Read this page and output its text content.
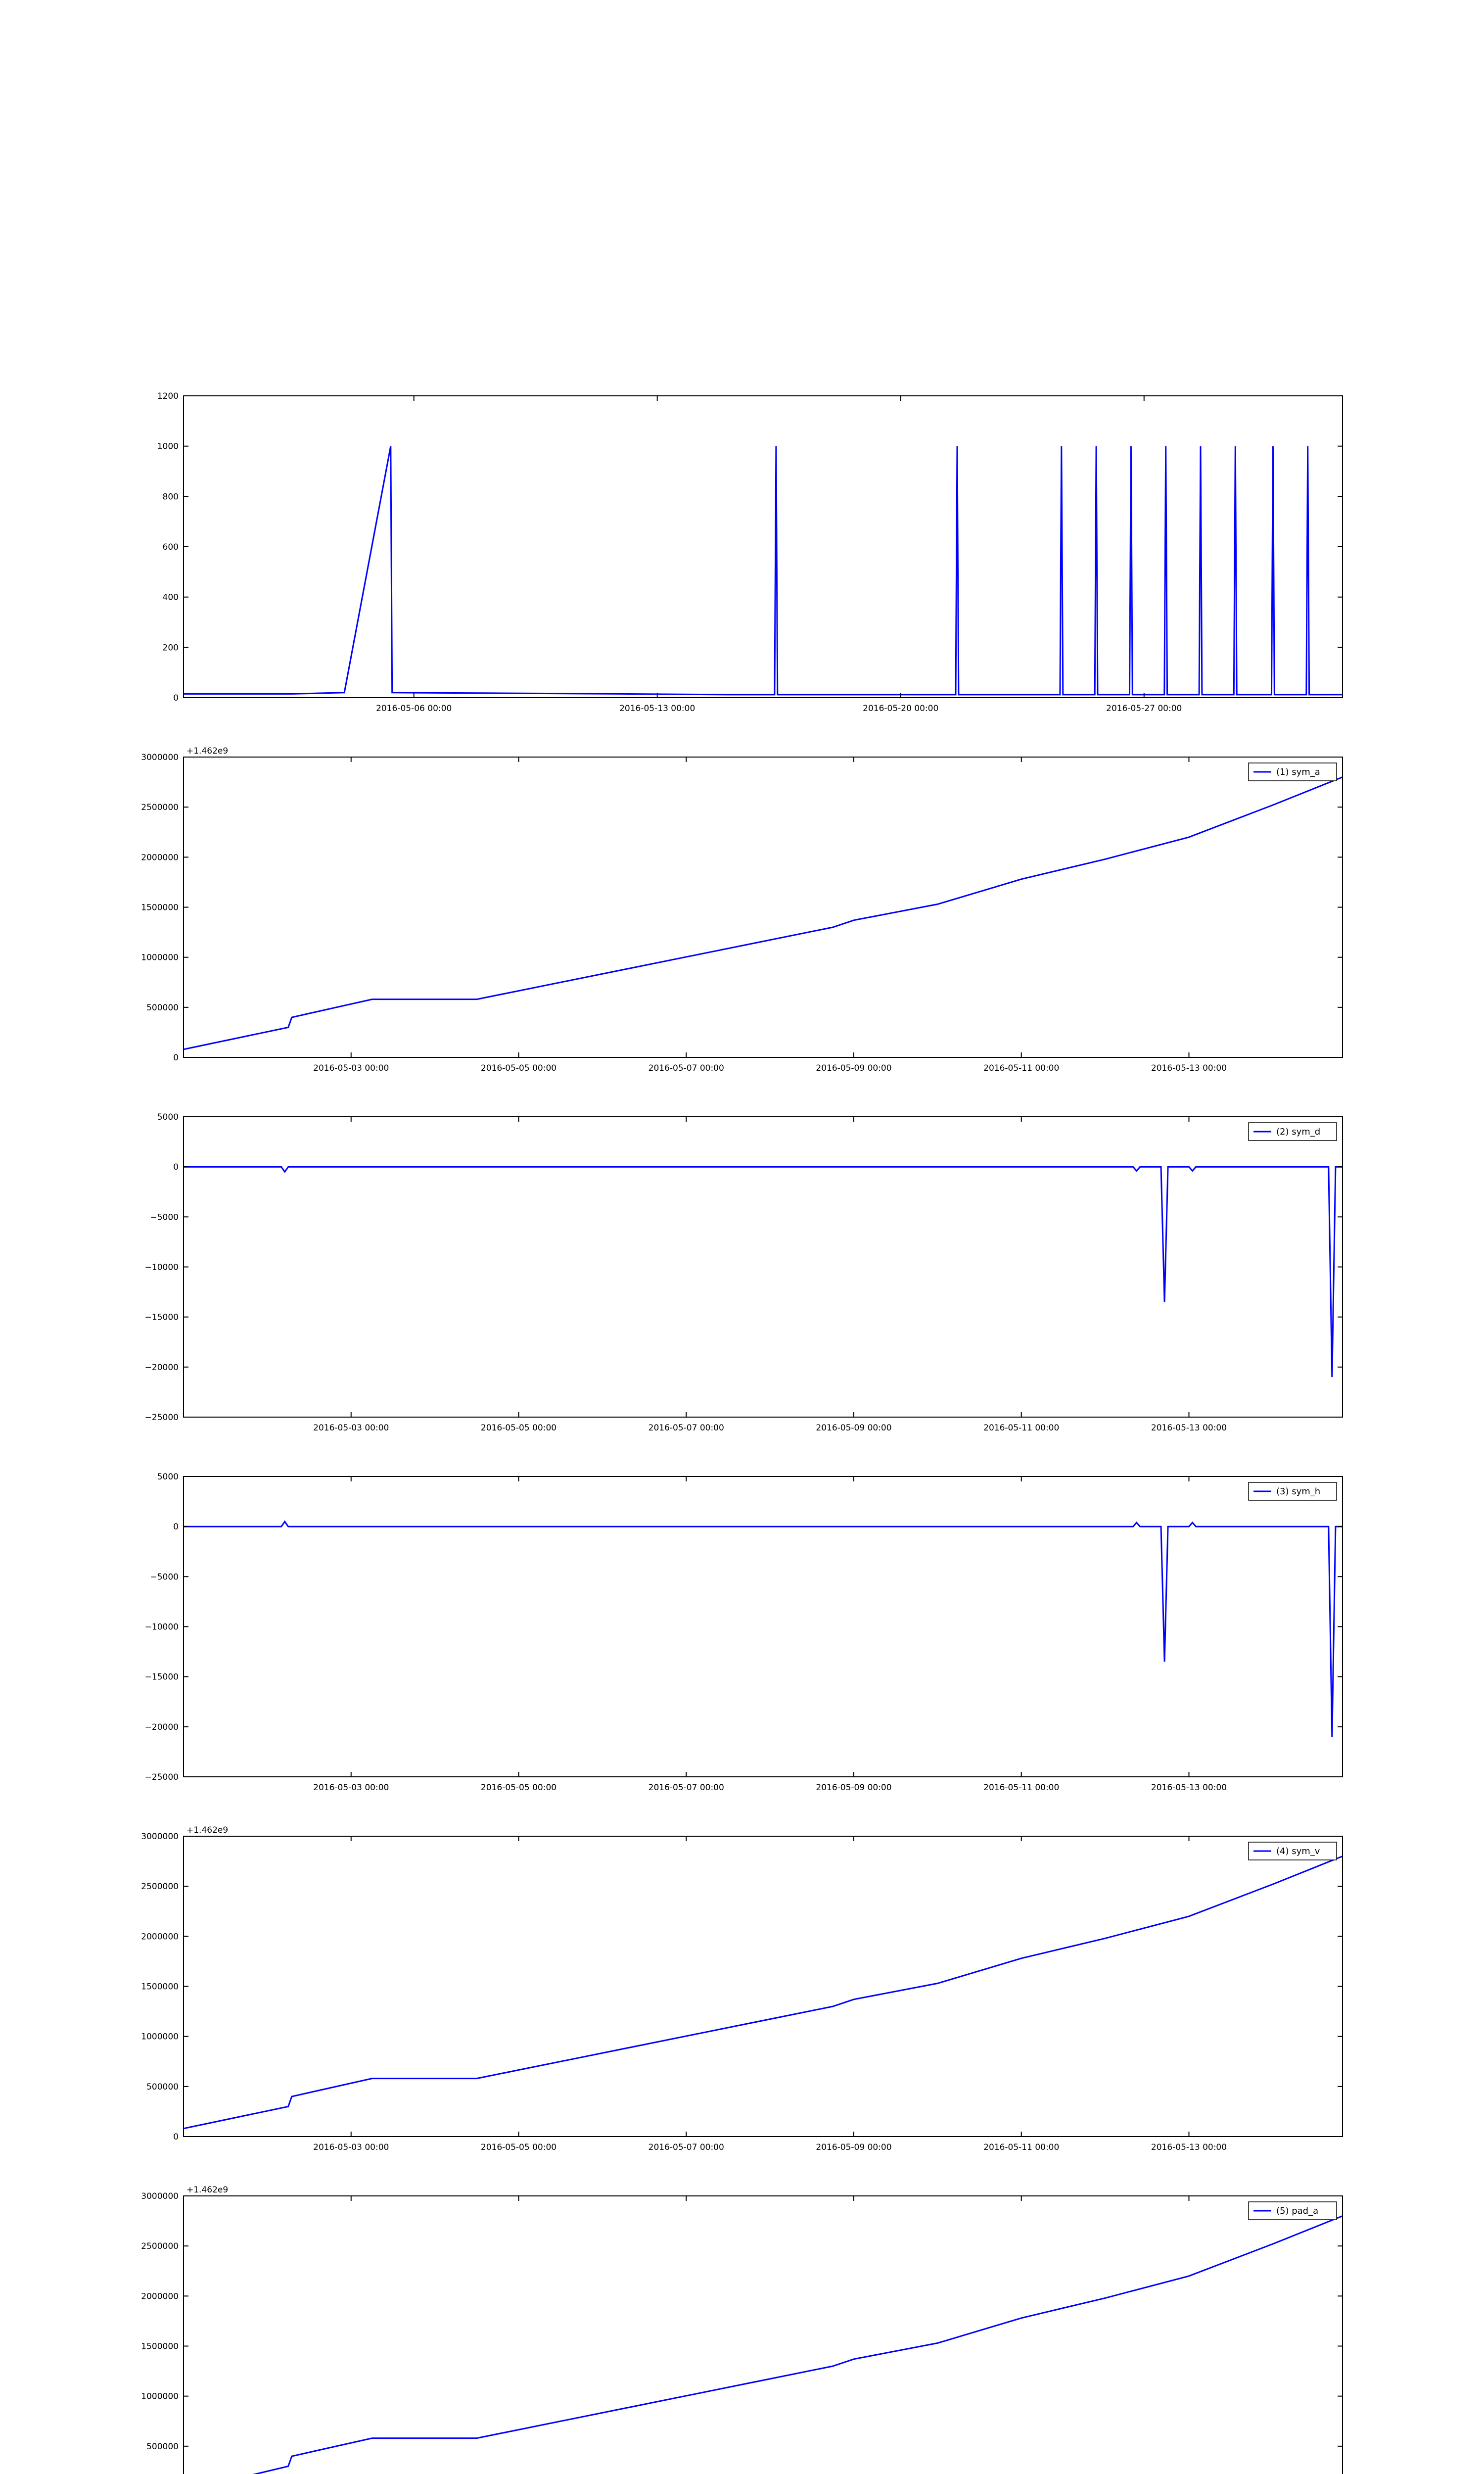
0
200
400
600
800
1000
1200
2016-05-06 00:00	2016-05-13 00:00	2016-05-20 00:00	2016-05-27 00:00
0
500000
1000000
1500000
2000000
2500000
3000000
2016-05-03 00:00	2016-05-05 00:00	2016-05-07 00:00	2016-05-09 00:00	2016-05-11 00:00	2016-05-13 00:00
+1.462e9
(1) sym_a
−25000
−20000
−15000
−10000
−5000
0
5000
2016-05-03 00:00	2016-05-05 00:00	2016-05-07 00:00	2016-05-09 00:00	2016-05-11 00:00	2016-05-13 00:00
(2) sym_d
−25000
−20000
−15000
−10000
−5000
0
5000
2016-05-03 00:00	2016-05-05 00:00	2016-05-07 00:00	2016-05-09 00:00	2016-05-11 00:00	2016-05-13 00:00
(3) sym_h
0
500000
1000000
1500000
2000000
2500000
3000000
2016-05-03 00:00	2016-05-05 00:00	2016-05-07 00:00	2016-05-09 00:00	2016-05-11 00:00	2016-05-13 00:00
+1.462e9
(4) sym_v
500000
1000000
1500000
2000000
2500000
3000000
+1.462e9
(5) pad_a
